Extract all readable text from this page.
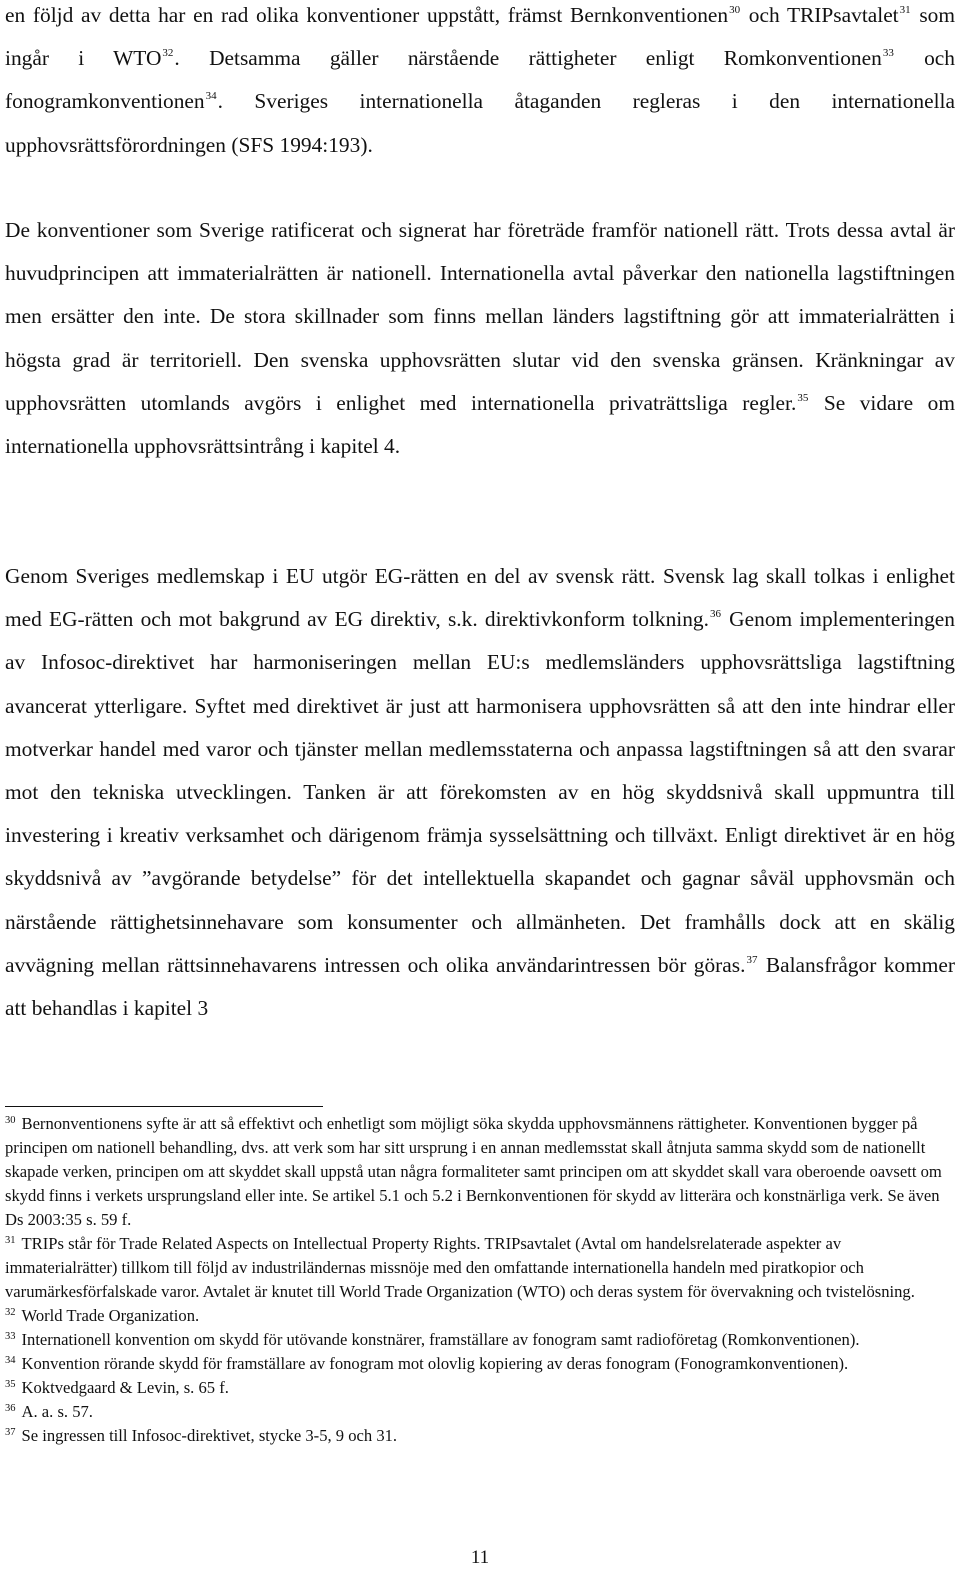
en följd av detta har en rad olika konventioner uppstått, främst Bernkonventionen$^{30}$ och TRIPsavtalet$^{31}$ som ingår i WTO$^{32}$. Detsamma gäller närstående rättigheter enligt Romkonventionen$^{33}$ och fonogramkonventionen$^{34}$. Sveriges internationella åtaganden regleras i den internationella upphovsrättsförordningen (SFS 1994:193).

De konventioner som Sverige ratificerat och signerat har företräde framför nationell rätt. Trots dessa avtal är huvudprincipen att immaterialrätten är nationell. Internationella avtal påverkar den nationella lagstiftningen men ersätter den inte. De stora skillnader som finns mellan länders lagstiftning gör att immaterialrätten i högsta grad är territoriell. Den svenska upphovsrätten slutar vid den svenska gränsen. Kränkningar av upphovsrätten utomlands avgörs i enlighet med internationella privaträttsliga regler.$^{35}$ Se vidare om internationella upphovsrättsintrång i kapitel 4.

Genom Sveriges medlemskap i EU utgör EG-rätten en del av svensk rätt. Svensk lag skall tolkas i enlighet med EG-rätten och mot bakgrund av EG direktiv, s.k. direktivkonform tolkning.$^{36}$ Genom implementeringen av Infosoc-direktivet har harmoniseringen mellan EU:s medlemsländers upphovsrättsliga lagstiftning avancerat ytterligare. Syftet med direktivet är just att harmonisera upphovsrätten så att den inte hindrar eller motverkar handel med varor och tjänster mellan medlemsstaterna och anpassa lagstiftningen så att den svarar mot den tekniska utvecklingen. Tanken är att förekomsten av en hög skyddsnivå skall uppmuntra till investering i kreativ verksamhet och därigenom främja sysselsättning och tillväxt. Enligt direktivet är en hög skyddsnivå av ”avgörande betydelse” för det intellektuella skapandet och gagnar såväl upphovsmän och närstående rättighetsinnehavare som konsumenter och allmänheten. Det framhålls dock att en skälig avvägning mellan rättsinnehavarens intressen och olika användarintressen bör göras.$^{37}$ Balansfrågor kommer att behandlas i kapitel 3

$^{30}$ Bernonventionens syfte är att så effektivt och enhetligt som möjligt söka skydda upphovsmännens rättigheter. Konventionen bygger på principen om nationell behandling, dvs. att verk som har sitt ursprung i en annan medlemsstat skall åtnjuta samma skydd som de nationellt skapade verken, principen om att skyddet skall uppstå utan några formaliteter samt principen om att skyddet skall vara oberoende oavsett om skydd finns i verkets ursprungsland eller inte. Se artikel 5.1 och 5.2 i Bernkonventionen för skydd av litterära och konstnärliga verk. Se även Ds 2003:35 s. 59 f.

$^{31}$ TRIPs står för Trade Related Aspects on Intellectual Property Rights. TRIPsavtalet (Avtal om handelsrelaterade aspekter av immaterialrätter) tillkom till följd av industriländernas missnöje med den omfattande internationella handeln med piratkopior och varumärkesförfalskade varor. Avtalet är knutet till World Trade Organization (WTO) och deras system för övervakning och tvistelösning.

$^{32}$ World Trade Organization.

$^{33}$ Internationell konvention om skydd för utövande konstnärer, framställare av fonogram samt radioföretag (Romkonventionen).

$^{34}$ Konvention rörande skydd för framställare av fonogram mot olovlig kopiering av deras fonogram (Fonogramkonventionen).

$^{35}$ Koktvedgaard & Levin, s. 65 f.

$^{36}$ A. a. s. 57.

$^{37}$ Se ingressen till Infosoc-direktivet, stycke 3-5, 9 och 31.

11
